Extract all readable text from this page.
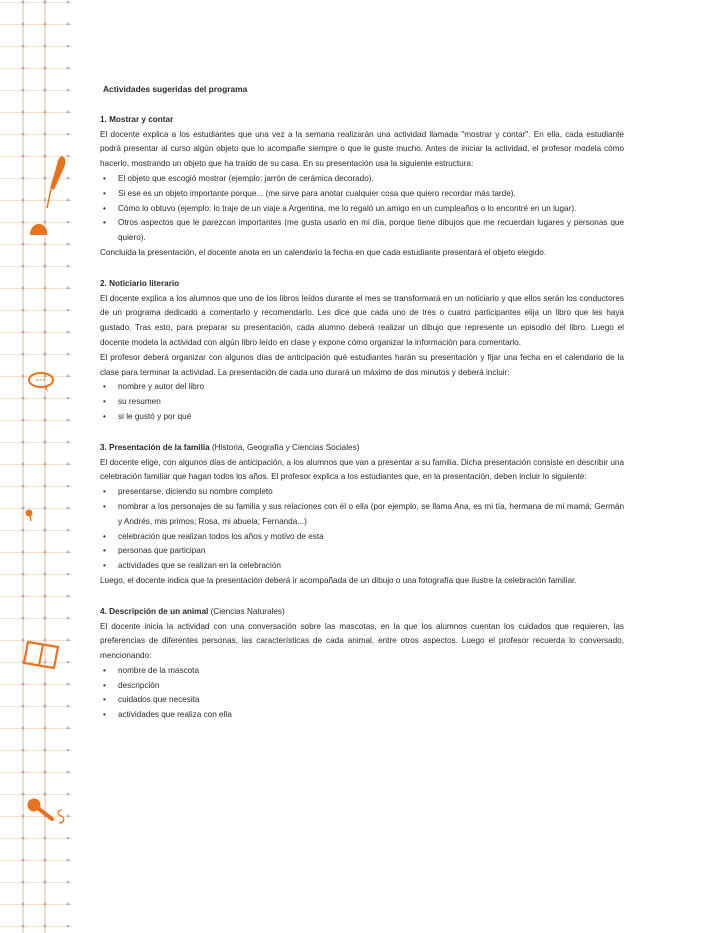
Actividades sugeridas del programa
1. Mostrar y contar

El docente explica a los estudiantes que una vez a la semana realizarán una actividad llamada "mostrar y contar". En ella, cada estudiante podrá presentar al curso algún objeto que lo acompañe siempre o que le guste mucho. Antes de iniciar la actividad, el profesor modela cómo hacerlo, mostrando un objeto que ha traído de su casa. En su presentación usa la siguiente estructura:

• El objeto que escogió mostrar (ejemplo: jarrón de cerámica decorado).
• Si ese es un objeto importante porque... (me sirve para anotar cualquier cosa que quiero recordar más tarde).
• Cómo lo obtuvo (ejemplo: lo traje de un viaje a Argentina, me lo regaló un amigo en un cumpleaños o lo encontré en un lugar).
• Otros aspectos que le parezcan importantes (me gusta usarlo en mi día, porque tiene dibujos que me recuerdan lugares y personas que quiero).

Concluida la presentación, el docente anota en un calendario la fecha en que cada estudiante presentará el objeto elegido.

2. Noticiario literario

El docente explica a los alumnos que uno de los libros leídos durante el mes se transformará en un noticiario y que ellos serán los conductores de un programa dedicado a comentarlo y recomendarlo. Les dice que cada uno de tres o cuatro participantes elija un libro que les haya gustado. Tras esto, para preparar su presentación, cada alumno deberá realizar un dibujo que represente un episodio del libro. Luego el docente modela la actividad con algún libro leído en clase y expone cómo organizar la información para comentarlo.

El profesor deberá organizar con algunos días de anticipación qué estudiantes harán su presentación y fijar una fecha en el calendario de la clase para terminar la actividad. La presentación de cada uno durará un máximo de dos minutos y deberá incluir:

• nombre y autor del libro
• su resumen
• si le gustó y por qué
3. Presentación de la familia (Historia, Geografía y Ciencias Sociales)

El docente elige, con algunos días de anticipación, a los alumnos que van a presentar a su familia. Dicha presentación consiste en describir una celebración familiar que hagan todos los años. El profesor explica a los estudiantes que, en la presentación, deben incluir lo siguiente:

• presentarse, diciendo su nombre completo
• nombrar a los personajes de su familia y sus relaciones con él o ella (por ejemplo, se llama Ana, es mi tía, hermana de mi mamá; Germán y Andrés, mis primos; Rosa, mi abuela; Fernanda...)
• celebración que realizan todos los años y motivo de esta
• personas que participan
• actividades que se realizan en la celebración

Luego, el docente indica que la presentación deberá ir acompañada de un dibujo o una fotografía que ilustre la celebración familiar.

4. Descripción de un animal (Ciencias Naturales)

El docente inicia la actividad con una conversación sobre las mascotas, en la que los alumnos cuentan los cuidados que requieren, las preferencias de diferentes personas, las características de cada animal, entre otros aspectos. Luego el profesor recuerda lo conversado, mencionando:

• nombre de la mascota
• descripción
• cuidados que necesita
• actividades que realiza con ella
